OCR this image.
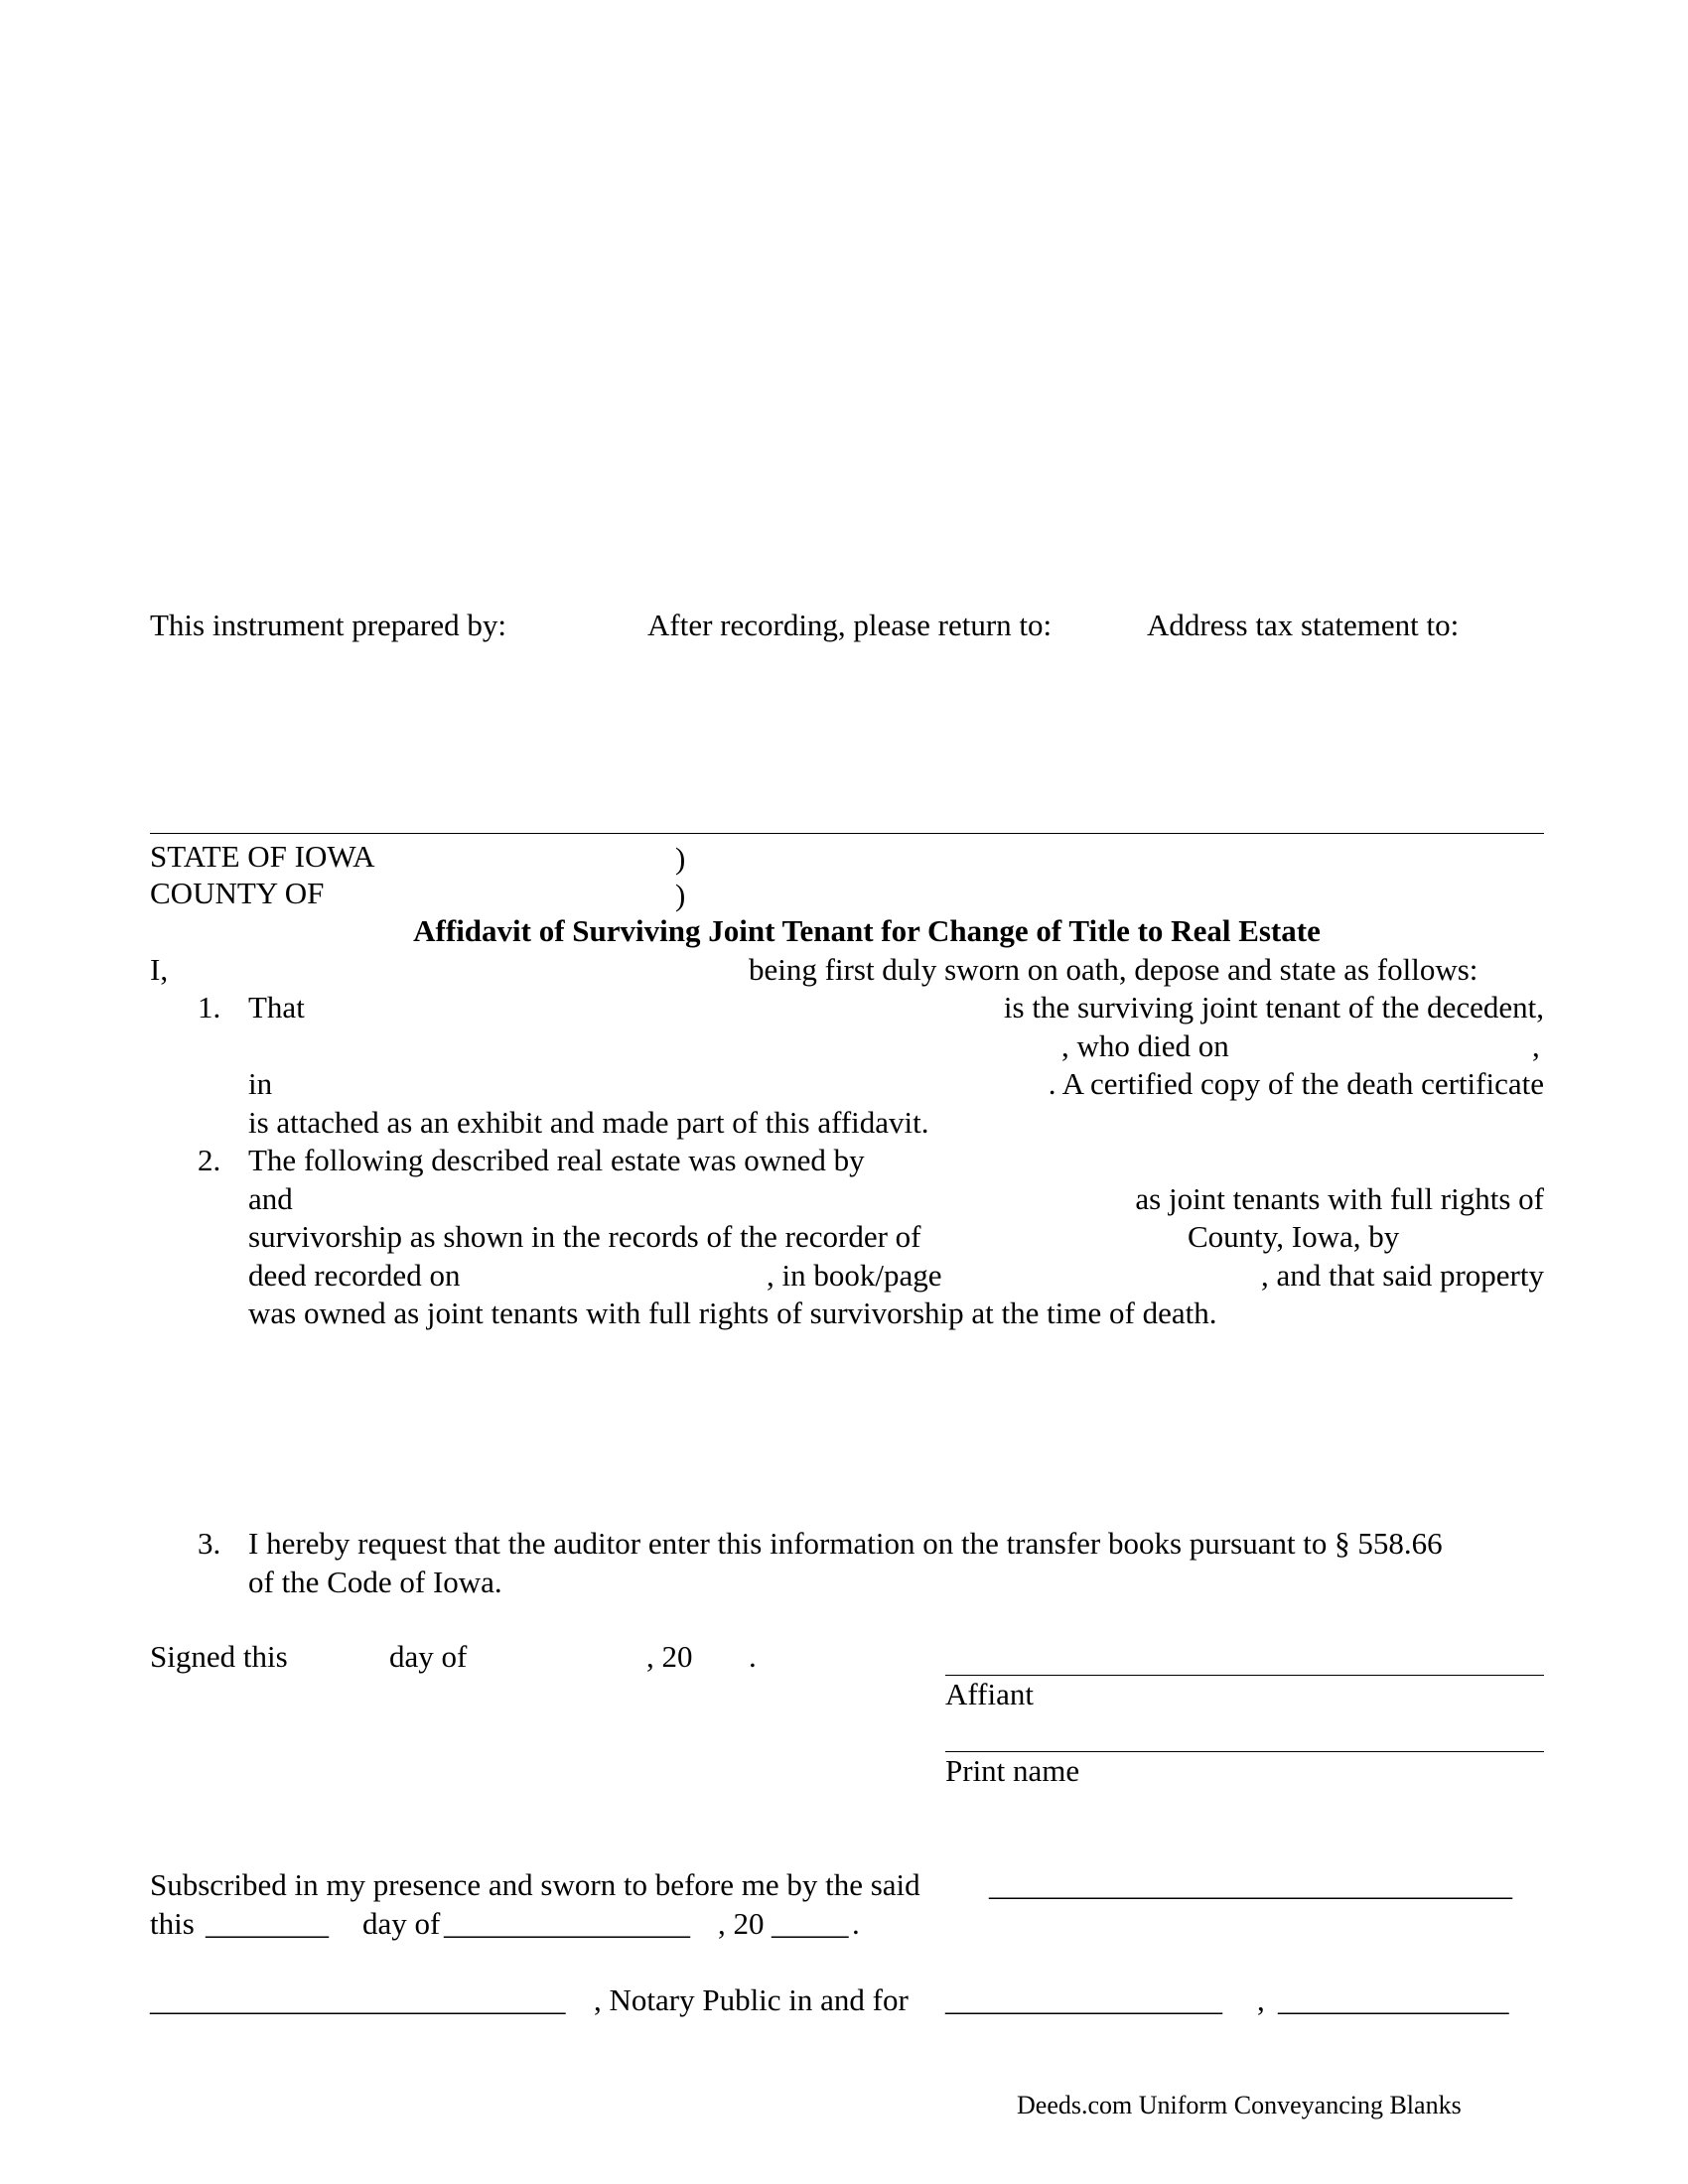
This instrument prepared by:	After recording, please return to:	Address tax statement to:
STATE OF IOWA	)
COUNTY OF	)
Affidavit of Surviving Joint Tenant for Change of Title to Real Estate
I,	being first duly sworn on oath, depose and state as follows:
1. That	is the surviving joint tenant of the decedent,
, who died on	,
in	. A certified copy of the death certificate
is attached as an exhibit and made part of this affidavit.
2. The following described real estate was owned by
and	as joint tenants with full rights of
survivorship as shown in the records of the recorder of	County, Iowa, by
deed recorded on	, in book/page	, and that said property
was owned as joint tenants with full rights of survivorship at the time of death.
3. I hereby request that the auditor enter this information on the transfer books pursuant to § 558.66
of the Code of Iowa.
Signed this	day of	, 20 .
Affiant
Print name
Subscribed in my presence and sworn to before me by the said __________________________________
this ________ day of ________________ , 20 _____ .
___________________________ , Notary Public in and for __________________ , _______________
Deeds.com Uniform Conveyancing Blanks
